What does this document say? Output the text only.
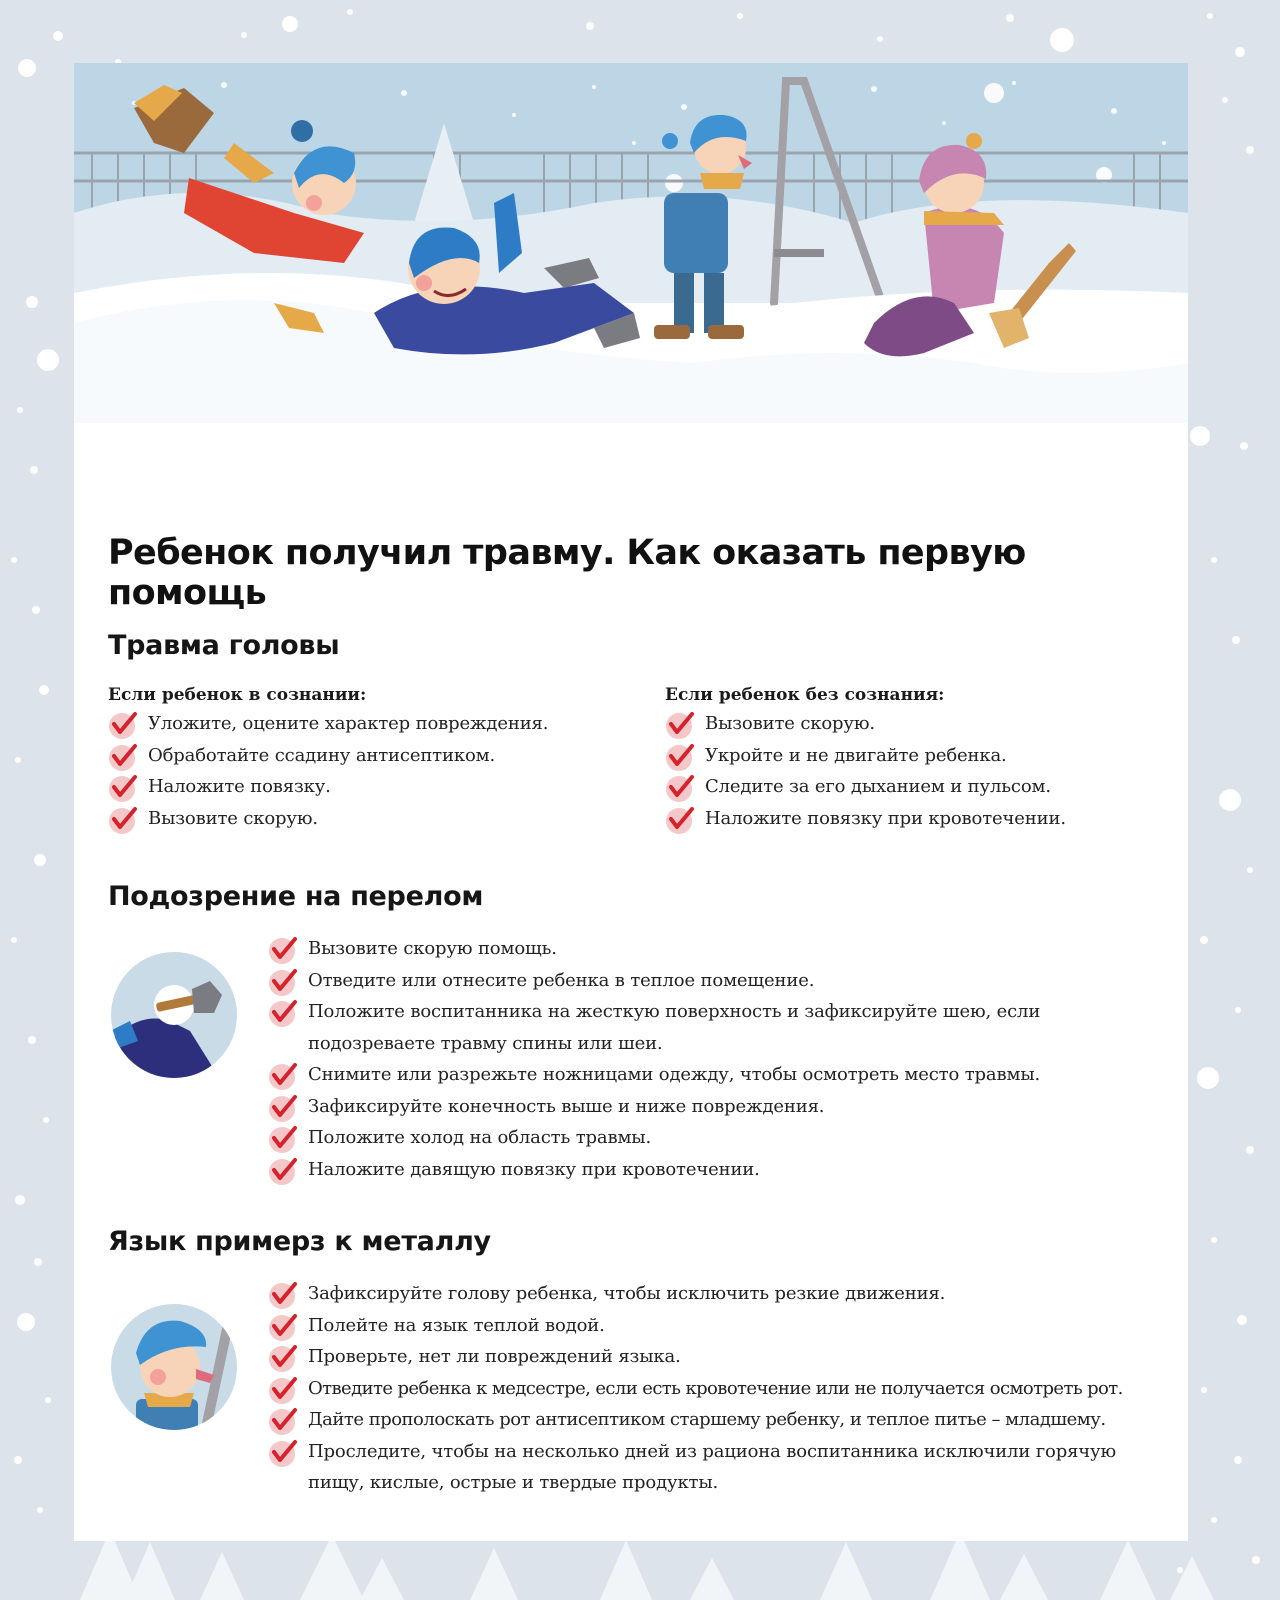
Ребенок получил травму. Как оказать первую помощь
Травма головы

Если ребенок в сознании:

Уложите, оцените характер повреждения.
Обработайте ссадину антисептиком.
Наложите повязку.
Вызовите скорую.

Если ребенок без сознания:

Вызовите скорую.
Укройте и не двигайте ребенка.
Следите за его дыханием и пульсом.
Наложите повязку при кровотечении.
Подозрение на перелом
Вызовите скорую помощь.
Отведите или отнесите ребенка в теплое помещение.
Положите воспитанника на жесткую поверхность и зафиксируйте шею, если подозреваете травму спины или шеи.
Снимите или разрежьте ножницами одежду, чтобы осмотреть место травмы.
Зафиксируйте конечность выше и ниже повреждения.
Положите холод на область травмы.
Наложите давящую повязку при кровотечении.
Язык примерз к металлу
Зафиксируйте голову ребенка, чтобы исключить резкие движения.
Полейте на язык теплой водой.
Проверьте, нет ли повреждений языка.
Отведите ребенка к медсестре, если есть кровотечение или не получается осмотреть рот.
Дайте прополоскать рот антисептиком старшему ребенку, и теплое питье – младшему.
Проследите, чтобы на несколько дней из рациона воспитанника исключили горячую пищу, кислые, острые и твердые продукты.
